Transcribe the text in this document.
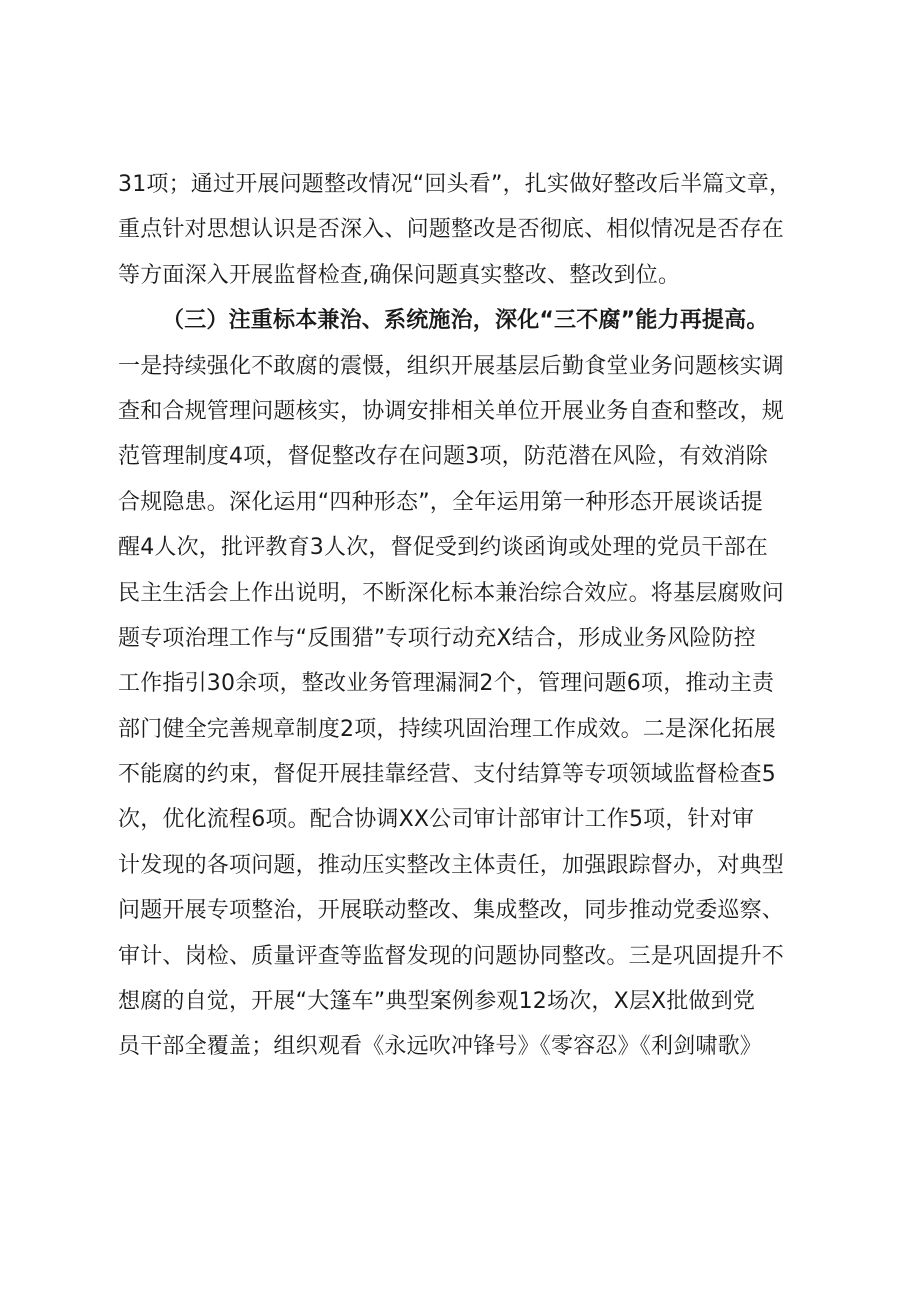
31项；通过开展问题整改情况“回头看”，扎实做好整改后半篇文章，
重点针对思想认识是否深入、问题整改是否彻底、相似情况是否存在
等方面深入开展监督检查,确保问题真实整改、整改到位。
（三）注重标本兼治、系统施治，深化“三不腐”能力再提高。
一是持续强化不敢腐的震慑，组织开展基层后勤食堂业务问题核实调
查和合规管理问题核实，协调安排相关单位开展业务自查和整改，规
范管理制度4项，督促整改存在问题3项，防范潜在风险，有效消除
合规隐患。深化运用“四种形态”，全年运用第一种形态开展谈话提
醒4人次，批评教育3人次，督促受到约谈函询或处理的党员干部在
民主生活会上作出说明，不断深化标本兼治综合效应。将基层腐败问
题专项治理工作与“反围猎”专项行动充X结合，形成业务风险防控
工作指引30余项，整改业务管理漏洞2个，管理问题6项，推动主责
部门健全完善规章制度2项，持续巩固治理工作成效。二是深化拓展
不能腐的约束，督促开展挂靠经营、支付结算等专项领域监督检查5
次，优化流程6项。配合协调XX公司审计部审计工作5项，针对审
计发现的各项问题，推动压实整改主体责任，加强跟踪督办，对典型
问题开展专项整治，开展联动整改、集成整改，同步推动党委巡察、
审计、岗检、质量评查等监督发现的问题协同整改。三是巩固提升不
想腐的自觉，开展“大篷车”典型案例参观12场次，X层X批做到党
员干部全覆盖；组织观看《永远吹冲锋号》《零容忍》《利剑啸歌》
